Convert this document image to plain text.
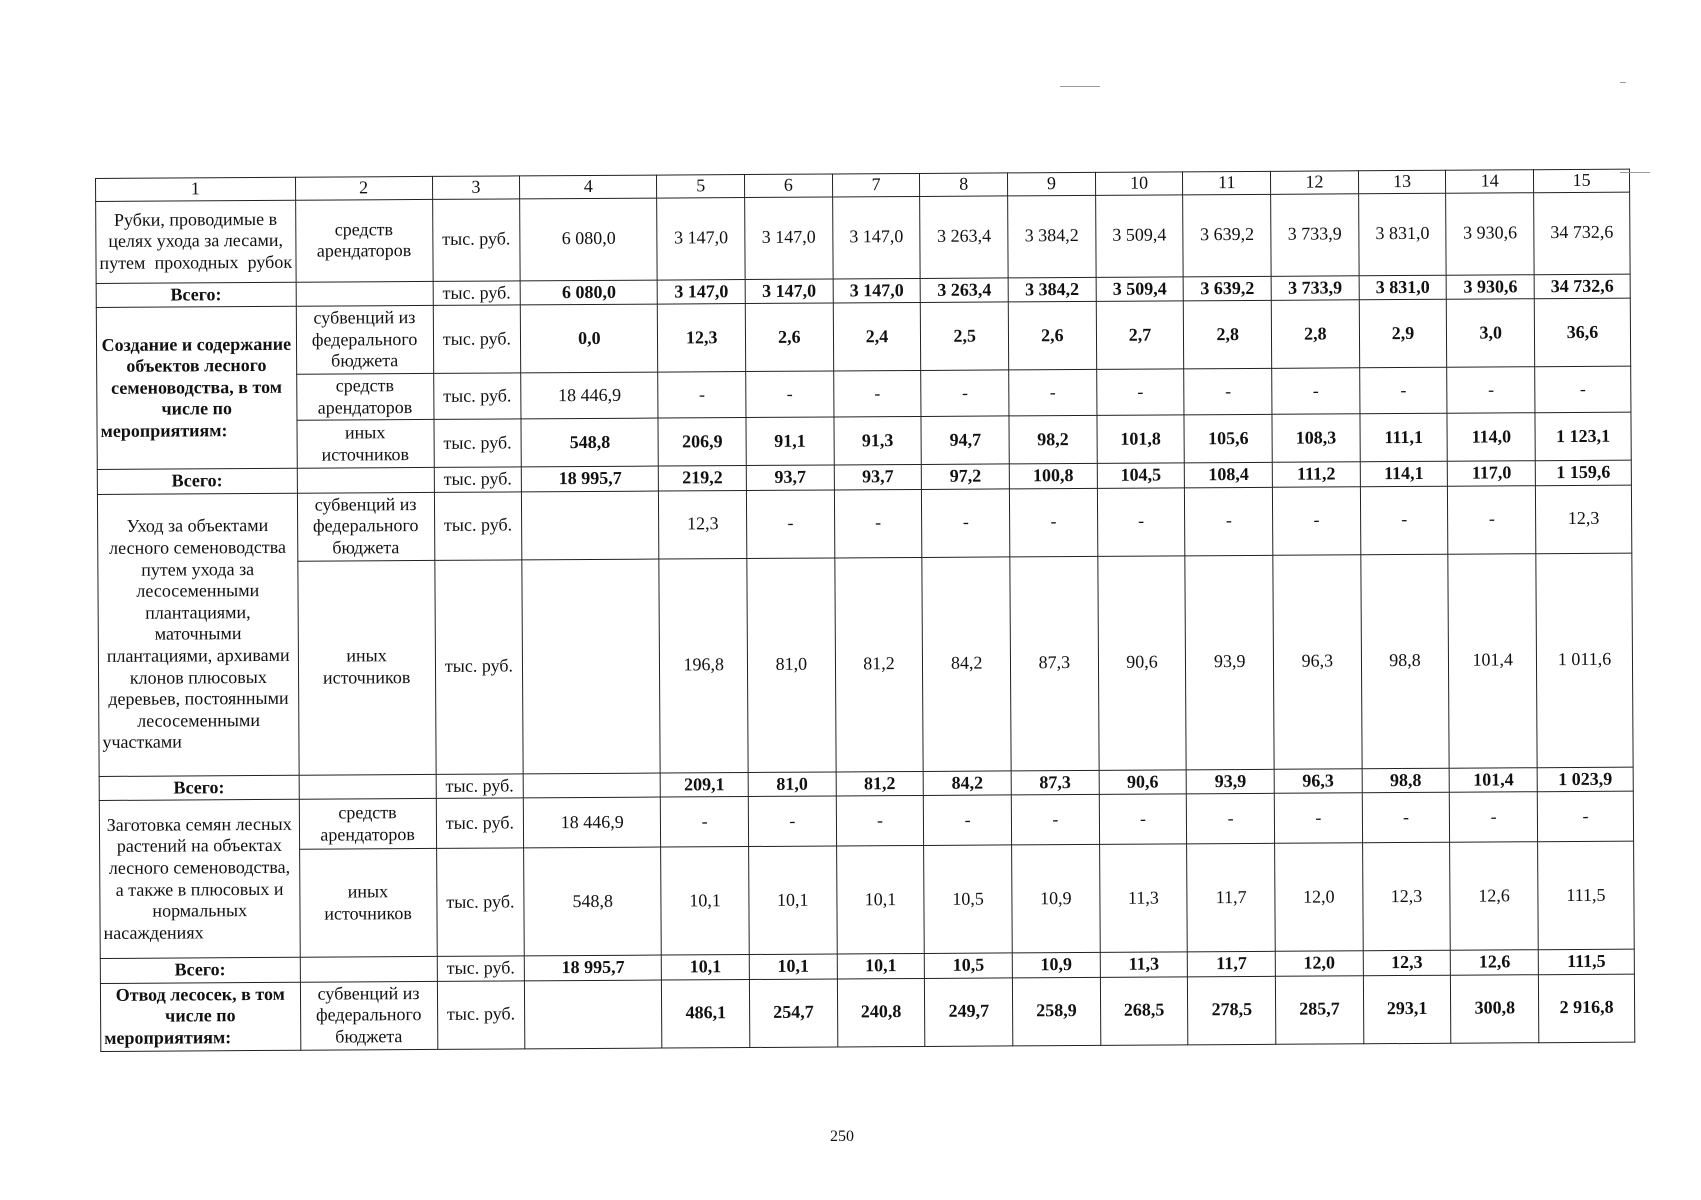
1	2	3	4	5	6	7	8	9	10	11	12	13	14	15
Рубки, проводимые в целях ухода за лесами, путем проходных рубок	средств арендаторов	тыс. руб.	6 080,0	3 147,0	3 147,0	3 147,0	3 263,4	3 384,2	3 509,4	3 639,2	3 733,9	3 831,0	3 930,6	34 732,6
Всего:		тыс. руб.	6 080,0	3 147,0	3 147,0	3 147,0	3 263,4	3 384,2	3 509,4	3 639,2	3 733,9	3 831,0	3 930,6	34 732,6
Создание и содержание объектов лесного семеноводства, в том числе по мероприятиям:	субвенций из федерального бюджета	тыс. руб.	0,0	12,3	2,6	2,4	2,5	2,6	2,7	2,8	2,8	2,9	3,0	36,6
	средств арендаторов	тыс. руб.	18 446,9	-	-	-	-	-	-	-	-	-	-	-
	иных источников	тыс. руб.	548,8	206,9	91,1	91,3	94,7	98,2	101,8	105,6	108,3	111,1	114,0	1 123,1
Всего:		тыс. руб.	18 995,7	219,2	93,7	93,7	97,2	100,8	104,5	108,4	111,2	114,1	117,0	1 159,6
Уход за объектами лесного семеноводства путем ухода за лесосеменными плантациями, маточными плантациями, архивами клонов плюсовых деревьев, постоянными лесосеменными участками	субвенций из федерального бюджета	тыс. руб.		12,3	-	-	-	-	-	-	-	-	-	12,3
	иных источников	тыс. руб.		196,8	81,0	81,2	84,2	87,3	90,6	93,9	96,3	98,8	101,4	1 011,6
Всего:		тыс. руб.		209,1	81,0	81,2	84,2	87,3	90,6	93,9	96,3	98,8	101,4	1 023,9
Заготовка семян лесных растений на объектах лесного семеноводства, а также в плюсовых и нормальных насаждениях	средств арендаторов	тыс. руб.	18 446,9	-	-	-	-	-	-	-	-	-	-	-
	иных источников	тыс. руб.	548,8	10,1	10,1	10,1	10,5	10,9	11,3	11,7	12,0	12,3	12,6	111,5
Всего:		тыс. руб.	18 995,7	10,1	10,1	10,1	10,5	10,9	11,3	11,7	12,0	12,3	12,6	111,5
Отвод лесосек, в том числе по мероприятиям:	субвенций из федерального бюджета	тыс. руб.		486,1	254,7	240,8	249,7	258,9	268,5	278,5	285,7	293,1	300,8	2 916,8
250
